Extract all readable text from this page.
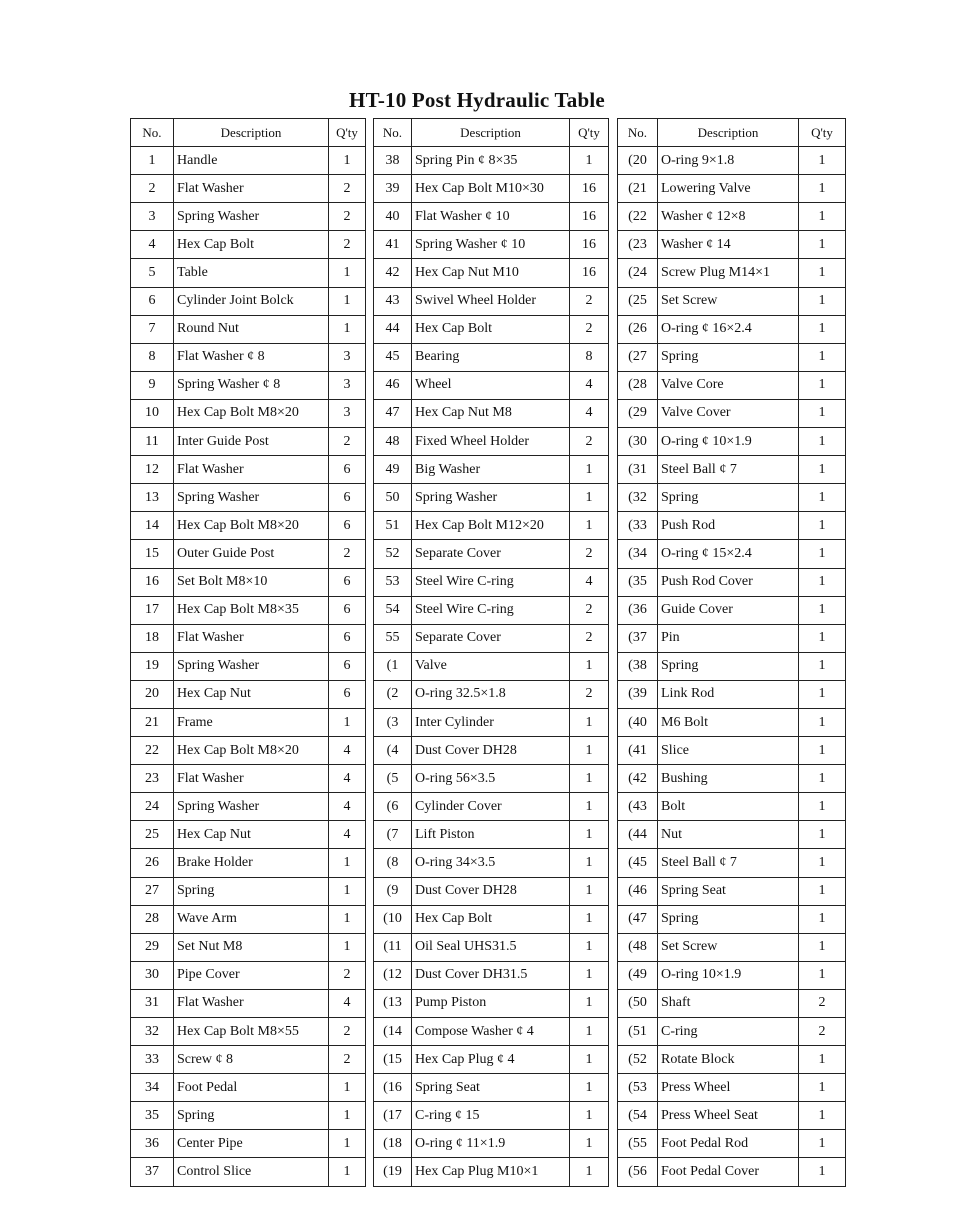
HT-10 Post Hydraulic Table
No.	Description	Q'ty
1	Handle	1
2	Flat Washer	2
3	Spring Washer	2
4	Hex Cap Bolt	2
5	Table	1
6	Cylinder Joint Bolck	1
7	Round Nut	1
8	Flat Washer ¢ 8	3
9	Spring Washer ¢ 8	3
10	Hex Cap Bolt M8×20	3
11	Inter Guide Post	2
12	Flat Washer	6
13	Spring Washer	6
14	Hex Cap Bolt M8×20	6
15	Outer Guide Post	2
16	Set Bolt M8×10	6
17	Hex Cap Bolt M8×35	6
18	Flat Washer	6
19	Spring Washer	6
20	Hex Cap Nut	6
21	Frame	1
22	Hex Cap Bolt M8×20	4
23	Flat Washer	4
24	Spring Washer	4
25	Hex Cap Nut	4
26	Brake Holder	1
27	Spring	1
28	Wave Arm	1
29	Set Nut M8	1
30	Pipe Cover	2
31	Flat Washer	4
32	Hex Cap Bolt M8×55	2
33	Screw ¢ 8	2
34	Foot Pedal	1
35	Spring	1
36	Center Pipe	1
37	Control Slice	1
No.	Description	Q'ty
38	Spring Pin ¢ 8×35	1
39	Hex Cap Bolt M10×30	16
40	Flat Washer ¢ 10	16
41	Spring Washer ¢ 10	16
42	Hex Cap Nut M10	16
43	Swivel Wheel Holder	2
44	Hex Cap Bolt	2
45	Bearing	8
46	Wheel	4
47	Hex Cap Nut M8	4
48	Fixed Wheel Holder	2
49	Big Washer	1
50	Spring Washer	1
51	Hex Cap Bolt M12×20	1
52	Separate Cover	2
53	Steel Wire C-ring	4
54	Steel Wire C-ring	2
55	Separate Cover	2
(1	Valve	1
(2	O-ring 32.5×1.8	2
(3	Inter Cylinder	1
(4	Dust Cover DH28	1
(5	O-ring 56×3.5	1
(6	Cylinder Cover	1
(7	Lift Piston	1
(8	O-ring 34×3.5	1
(9	Dust Cover DH28	1
(10	Hex Cap Bolt	1
(11	Oil Seal UHS31.5	1
(12	Dust Cover DH31.5	1
(13	Pump Piston	1
(14	Compose Washer ¢ 4	1
(15	Hex Cap Plug ¢ 4	1
(16	Spring Seat	1
(17	C-ring ¢ 15	1
(18	O-ring ¢ 11×1.9	1
(19	Hex Cap Plug M10×1	1
No.	Description	Q'ty
(20	O-ring 9×1.8	1
(21	Lowering Valve	1
(22	Washer ¢ 12×8	1
(23	Washer ¢ 14	1
(24	Screw Plug M14×1	1
(25	Set Screw	1
(26	O-ring ¢ 16×2.4	1
(27	Spring	1
(28	Valve Core	1
(29	Valve Cover	1
(30	O-ring ¢ 10×1.9	1
(31	Steel Ball ¢ 7	1
(32	Spring	1
(33	Push Rod	1
(34	O-ring ¢ 15×2.4	1
(35	Push Rod Cover	1
(36	Guide Cover	1
(37	Pin	1
(38	Spring	1
(39	Link Rod	1
(40	M6 Bolt	1
(41	Slice	1
(42	Bushing	1
(43	Bolt	1
(44	Nut	1
(45	Steel Ball ¢ 7	1
(46	Spring Seat	1
(47	Spring	1
(48	Set Screw	1
(49	O-ring 10×1.9	1
(50	Shaft	2
(51	C-ring	2
(52	Rotate Block	1
(53	Press Wheel	1
(54	Press Wheel Seat	1
(55	Foot Pedal Rod	1
(56	Foot Pedal Cover	1
